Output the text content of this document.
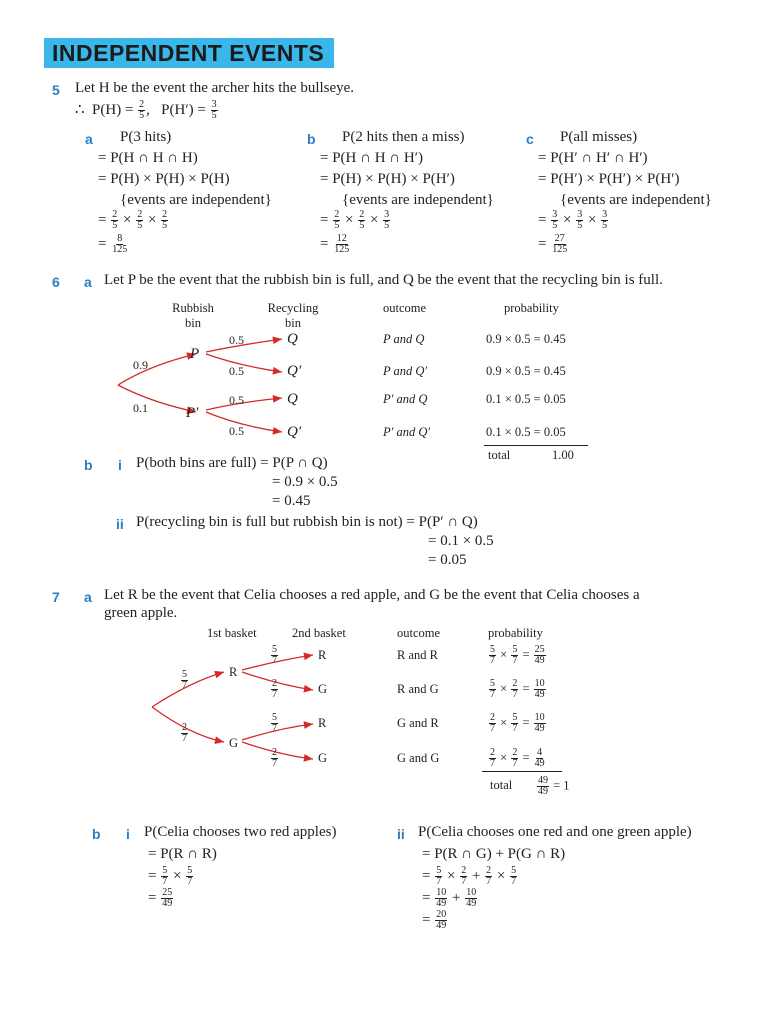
INDEPENDENT EVENTS
5 Let H be the event the archer hits the bullseye.
∴ $P(H) = \frac{2}{5}$ ,   $P(H') = \frac{3}{5}$
a P(3 hits)
= P(H ∩ H ∩ H)
= P(H) × P(H) × P(H)
{events are independent}
= $\frac{2}{5} \times \frac{2}{5} \times \frac{2}{5}$
= $\frac{8}{125}$
b P(2 hits then a miss)
= P(H ∩ H ∩ H′)
= P(H) × P(H) × P(H′)
{events are independent}
= $\frac{2}{5} \times \frac{2}{5} \times \frac{3}{5}$
= $\frac{12}{125}$
c P(all misses)
= P(H′ ∩ H′ ∩ H′)
= P(H′) × P(H′) × P(H′)
{events are independent}
= $\frac{3}{5} \times \frac{3}{5} \times \frac{3}{5}$
= $\frac{27}{125}$
6 a Let P be the event that the rubbish bin is full, and Q be the event that the recycling bin is full.
Rubbish
bin
Recycling
bin
outcome	probability
0.9
0.1
P
P′
0.5	Q	P and Q	0.9 × 0.5 = 0.45
0.5	Q′	P and Q′	0.9 × 0.5 = 0.45
0.5	Q	P′ and Q	0.1 × 0.5 = 0.05
0.5	Q′	P′ and Q′	0.1 × 0.5 = 0.05
total	1.00
b i P(both bins are full) = P(P ∩ Q)
= 0.9 × 0.5
= 0.45
ii P(recycling bin is full but rubbish bin is not) = P(P′ ∩ Q)
= 0.1 × 0.5
= 0.05
7 a Let R be the event that Celia chooses a red apple, and G be the event that Celia chooses a
green apple.
1st basket	2nd basket	outcome	probability
$\frac{5}{7}$
$\frac{2}{7}$
R
G
$\frac{5}{7}$	R	R and R	$\frac{5}{7} \times \frac{5}{7} = \frac{25}{49}$
$\frac{2}{7}$	G	R and G	$\frac{5}{7} \times \frac{2}{7} = \frac{10}{49}$
$\frac{5}{7}$	R	G and R	$\frac{2}{7} \times \frac{5}{7} = \frac{10}{49}$
$\frac{2}{7}$	G	G and G	$\frac{2}{7} \times \frac{2}{7} = \frac{4}{49}$
total $\frac{49}{49} = 1$
b i P(Celia chooses two red apples)
= P(R ∩ R)
= $\frac{5}{7} \times \frac{5}{7}$
= $\frac{25}{49}$
ii P(Celia chooses one red and one green apple)
= P(R ∩ G) + P(G ∩ R)
= $\frac{5}{7} \times \frac{2}{7} + \frac{2}{7} \times \frac{5}{7}$
= $\frac{10}{49} + \frac{10}{49}$
= $\frac{20}{49}$
